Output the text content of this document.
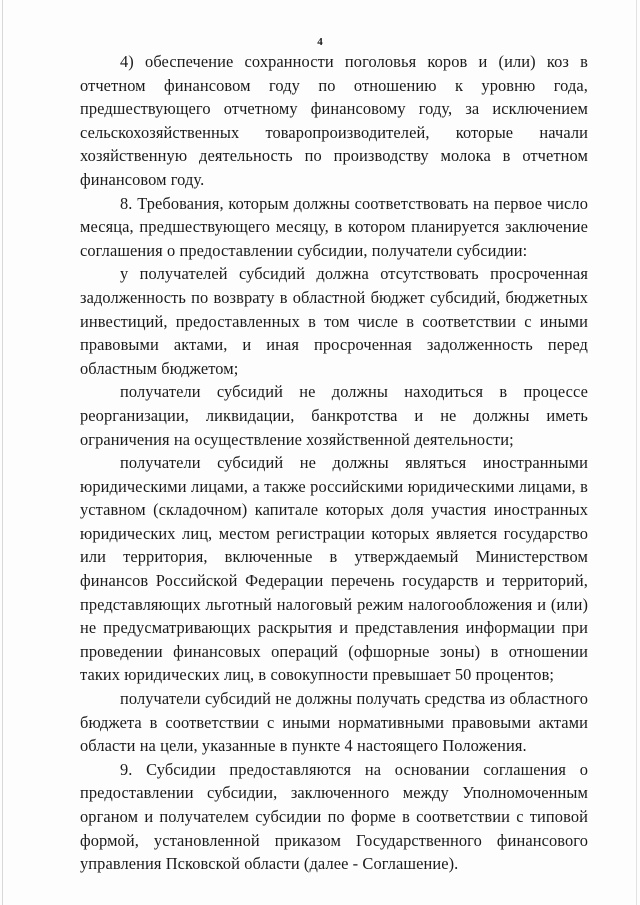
4

4) обеспечение сохранности поголовья коров и (или) коз в отчетном финансовом году по отношению к уровню года, предшествующего отчетному финансовому году, за исключением сельскохозяйственных товаропроизводителей, которые начали хозяйственную деятельность по производству молока в отчетном финансовом году.

8. Требования, которым должны соответствовать на первое число месяца, предшествующего месяцу, в котором планируется заключение соглашения о предоставлении субсидии, получатели субсидии:

у получателей субсидий должна отсутствовать просроченная задолженность по возврату в областной бюджет субсидий, бюджетных инвестиций, предоставленных в том числе в соответствии с иными правовыми актами, и иная просроченная задолженность перед областным бюджетом;

получатели субсидий не должны находиться в процессе реорганизации, ликвидации, банкротства и не должны иметь ограничения на осуществление хозяйственной деятельности;

получатели субсидий не должны являться иностранными юридическими лицами, а также российскими юридическими лицами, в уставном (складочном) капитале которых доля участия иностранных юридических лиц, местом регистрации которых является государство или территория, включенные в утверждаемый Министерством финансов Российской Федерации перечень государств и территорий, представляющих льготный налоговый режим налогообложения и (или) не предусматривающих раскрытия и представления информации при проведении финансовых операций (офшорные зоны) в отношении таких юридических лиц, в совокупности превышает 50 процентов;

получатели субсидий не должны получать средства из областного бюджета в соответствии с иными нормативными правовыми актами области на цели, указанные в пункте 4 настоящего Положения.

9. Субсидии предоставляются на основании соглашения о предоставлении субсидии, заключенного между Уполномоченным органом и получателем субсидии по форме в соответствии с типовой формой, установленной приказом Государственного финансового управления Псковской области (далее - Соглашение).
